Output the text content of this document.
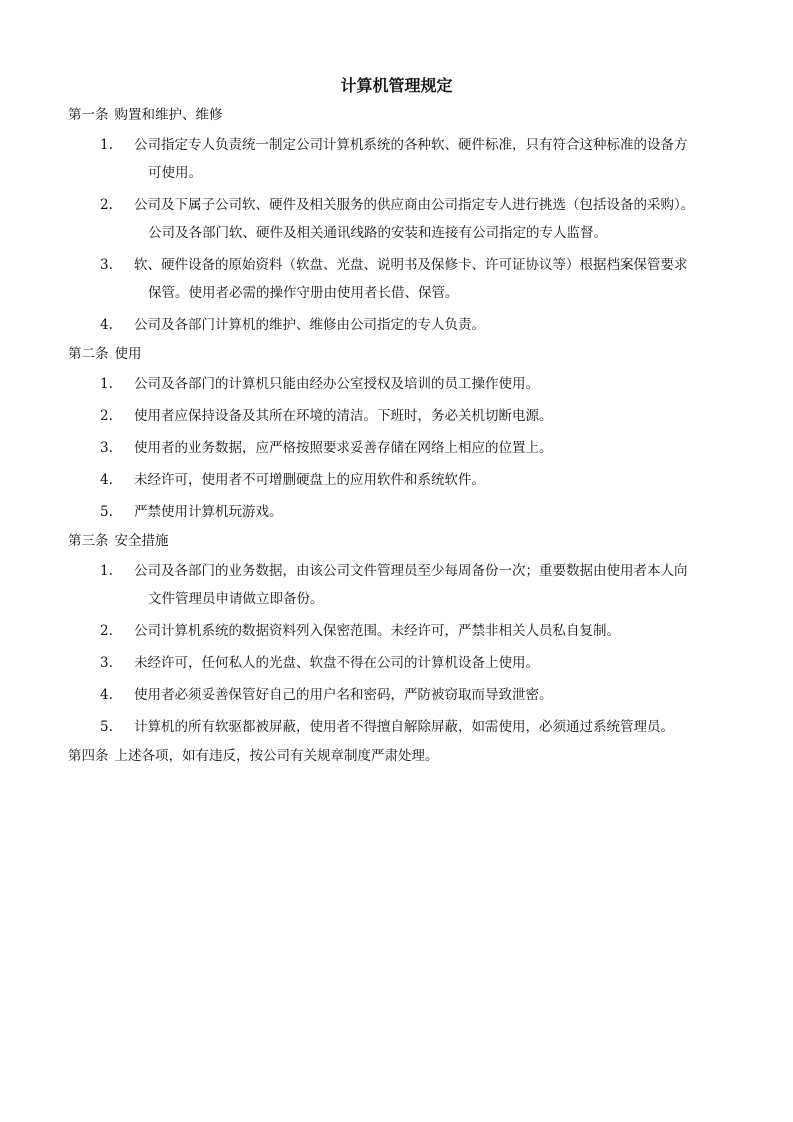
计算机管理规定
第一条 购置和维护、维修
1. 公司指定专人负责统一制定公司计算机系统的各种软、硬件标准，只有符合这种标准的设备方
可使用。
2. 公司及下属子公司软、硬件及相关服务的供应商由公司指定专人进行挑选（包括设备的采购）。
公司及各部门软、硬件及相关通讯线路的安装和连接有公司指定的专人监督。
3. 软、硬件设备的原始资料（软盘、光盘、说明书及保修卡、许可证协议等）根据档案保管要求
保管。使用者必需的操作守册由使用者长借、保管。
4. 公司及各部门计算机的维护、维修由公司指定的专人负责。
第二条 使用
1. 公司及各部门的计算机只能由经办公室授权及培训的员工操作使用。
2. 使用者应保持设备及其所在环境的清洁。下班时，务必关机切断电源。
3. 使用者的业务数据，应严格按照要求妥善存储在网络上相应的位置上。
4. 未经许可，使用者不可增删硬盘上的应用软件和系统软件。
5. 严禁使用计算机玩游戏。
第三条 安全措施
1. 公司及各部门的业务数据，由该公司文件管理员至少每周备份一次；重要数据由使用者本人向
文件管理员申请做立即备份。
2. 公司计算机系统的数据资料列入保密范围。未经许可，严禁非相关人员私自复制。
3. 未经许可，任何私人的光盘、软盘不得在公司的计算机设备上使用。
4. 使用者必须妥善保管好自己的用户名和密码，严防被窃取而导致泄密。
5. 计算机的所有软驱都被屏蔽，使用者不得擅自解除屏蔽，如需使用，必须通过系统管理员。
第四条 上述各项，如有违反，按公司有关规章制度严肃处理。
